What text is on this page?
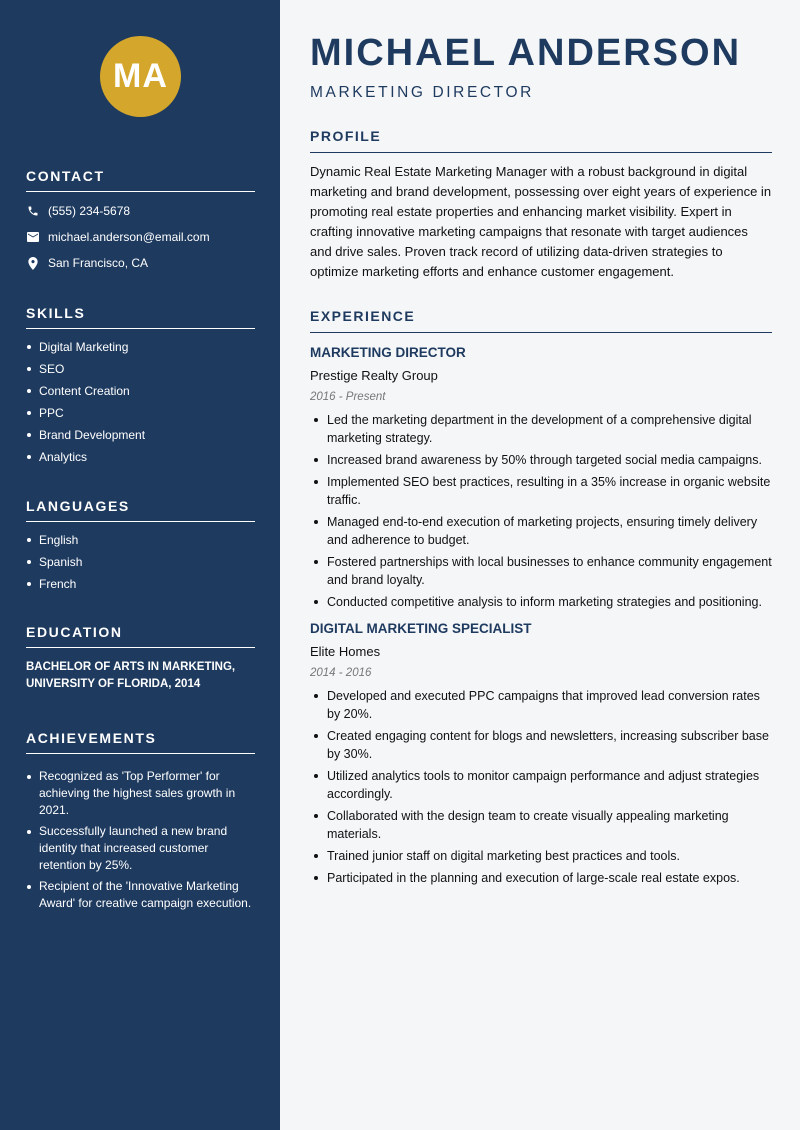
MA
CONTACT
(555) 234-5678
michael.anderson@email.com
San Francisco, CA
SKILLS
Digital Marketing
SEO
Content Creation
PPC
Brand Development
Analytics
LANGUAGES
English
Spanish
French
EDUCATION
BACHELOR OF ARTS IN MARKETING, UNIVERSITY OF FLORIDA, 2014
ACHIEVEMENTS
Recognized as 'Top Performer' for achieving the highest sales growth in 2021.
Successfully launched a new brand identity that increased customer retention by 25%.
Recipient of the 'Innovative Marketing Award' for creative campaign execution.
MICHAEL ANDERSON
MARKETING DIRECTOR
PROFILE
Dynamic Real Estate Marketing Manager with a robust background in digital marketing and brand development, possessing over eight years of experience in promoting real estate properties and enhancing market visibility. Expert in crafting innovative marketing campaigns that resonate with target audiences and drive sales. Proven track record of utilizing data-driven strategies to optimize marketing efforts and enhance customer engagement.
EXPERIENCE
MARKETING DIRECTOR
Prestige Realty Group
2016 - Present
Led the marketing department in the development of a comprehensive digital marketing strategy.
Increased brand awareness by 50% through targeted social media campaigns.
Implemented SEO best practices, resulting in a 35% increase in organic website traffic.
Managed end-to-end execution of marketing projects, ensuring timely delivery and adherence to budget.
Fostered partnerships with local businesses to enhance community engagement and brand loyalty.
Conducted competitive analysis to inform marketing strategies and positioning.
DIGITAL MARKETING SPECIALIST
Elite Homes
2014 - 2016
Developed and executed PPC campaigns that improved lead conversion rates by 20%.
Created engaging content for blogs and newsletters, increasing subscriber base by 30%.
Utilized analytics tools to monitor campaign performance and adjust strategies accordingly.
Collaborated with the design team to create visually appealing marketing materials.
Trained junior staff on digital marketing best practices and tools.
Participated in the planning and execution of large-scale real estate expos.
